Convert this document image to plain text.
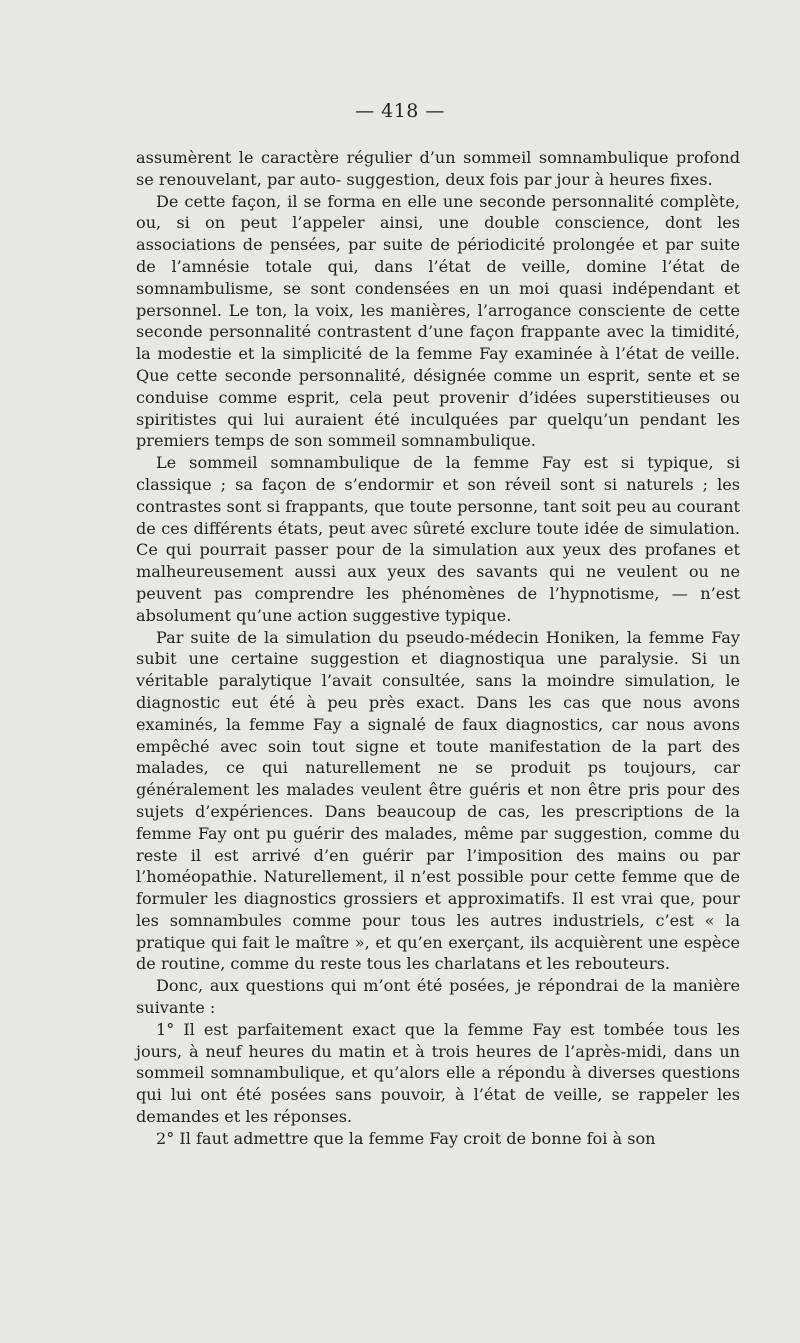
— 418 —

assumèrent le caractère régulier d’un sommeil somnambulique profond se renouvelant, par auto- suggestion, deux fois par jour à heures fixes.

De cette façon, il se forma en elle une seconde personnalité complète, ou, si on peut l’appeler ainsi, une double conscience, dont les associations de pensées, par suite de périodicité prolongée et par suite de l’amnésie totale qui, dans l’état de veille, domine l’état de somnambulisme, se sont condensées en un moi quasi indépendant et personnel. Le ton, la voix, les manières, l’arrogance consciente de cette seconde personnalité contrastent d’une façon frappante avec la timidité, la modestie et la simplicité de la femme Fay examinée à l’état de veille. Que cette seconde personnalité, désignée comme un esprit, sente et se conduise comme esprit, cela peut provenir d’idées superstitieuses ou spiritistes qui lui auraient été inculquées par quelqu’un pendant les premiers temps de son sommeil somnambulique.

Le sommeil somnambulique de la femme Fay est si typique, si classique ; sa façon de s’endormir et son réveil sont si naturels ; les contrastes sont si frappants, que toute personne, tant soit peu au courant de ces différents états, peut avec sûreté exclure toute idée de simulation. Ce qui pourrait passer pour de la simulation aux yeux des profanes et malheureusement aussi aux yeux des savants qui ne veulent ou ne peuvent pas comprendre les phénomènes de l’hypnotisme, — n’est absolument qu’une action suggestive typique.

Par suite de la simulation du pseudo-médecin Honiken, la femme Fay subit une certaine suggestion et diagnostiqua une paralysie. Si un véritable paralytique l’avait consultée, sans la moindre simulation, le diagnostic eut été à peu près exact. Dans les cas que nous avons examinés, la femme Fay a signalé de faux diagnostics, car nous avons empêché avec soin tout signe et toute manifestation de la part des malades, ce qui naturellement ne se produit ps toujours, car généralement les malades veulent être guéris et non être pris pour des sujets d’expériences. Dans beaucoup de cas, les prescriptions de la femme Fay ont pu guérir des malades, même par suggestion, comme du reste il est arrivé d’en guérir par l’imposition des mains ou par l’homéopathie. Naturellement, il n’est possible pour cette femme que de formuler les diagnostics grossiers et approximatifs. Il est vrai que, pour les somnambules comme pour tous les autres industriels, c’est « la pratique qui fait le maître », et qu’en exerçant, ils acquièrent une espèce de routine, comme du reste tous les charlatans et les rebouteurs.

Donc, aux questions qui m’ont été posées, je répondrai de la manière suivante :

1° Il est parfaitement exact que la femme Fay est tombée tous les jours, à neuf heures du matin et à trois heures de l’après-midi, dans un sommeil somnambulique, et qu’alors elle a répondu à diverses questions qui lui ont été posées sans pouvoir, à l’état de veille, se rappeler les demandes et les réponses.

2° Il faut admettre que la femme Fay croit de bonne foi à son
